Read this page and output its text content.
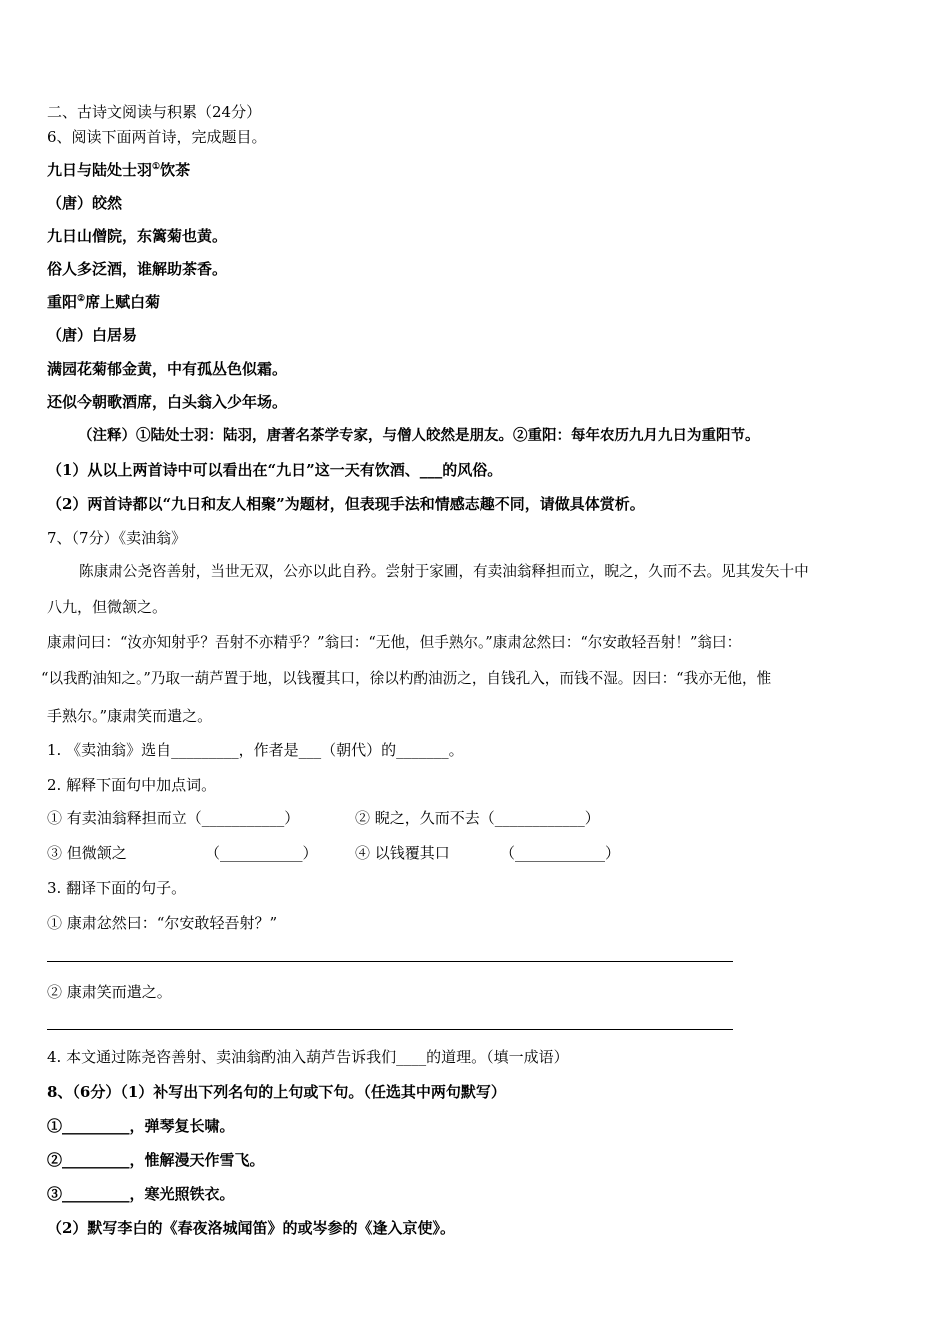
二、古诗文阅读与积累（24分）
6、阅读下面两首诗，完成题目。
九日与陆处士羽①饮茶
（唐）皎然
九日山僧院，东篱菊也黄。
俗人多泛酒，谁解助茶香。
重阳②席上赋白菊
（唐）白居易
满园花菊郁金黄，中有孤丛色似霜。
还似今朝歌酒席，白头翁入少年场。
（注释）①陆处士羽：陆羽，唐著名茶学专家，与僧人皎然是朋友。②重阳：每年农历九月九日为重阳节。
（1）从以上两首诗中可以看出在“九日”这一天有饮酒、___的风俗。
（2）两首诗都以“九日和友人相聚”为题材，但表现手法和情感志趣不同，请做具体赏析。
7、（7分）《卖油翁》
陈康肃公尧咨善射，当世无双，公亦以此自矜。尝射于家圃，有卖油翁释担而立，睨之，久而不去。见其发矢十中
八九，但微颔之。
康肃问曰：“汝亦知射乎？吾射不亦精乎？”翁曰：“无他，但手熟尔。”康肃忿然曰：“尔安敢轻吾射！”翁曰：
“以我酌油知之。”乃取一葫芦置于地，以钱覆其口，徐以杓酌油沥之，自钱孔入，而钱不湿。因曰：“我亦无他，惟
手熟尔。”康肃笑而遣之。
1. 《卖油翁》选自_________，作者是___（朝代）的_______。
2. 解释下面句中加点词。
① 有卖油翁释担而立（___________）	② 睨之，久而不去（____________）
③ 但微颔之	（___________） ④ 以钱覆其口	（____________）
3. 翻译下面的句子。
① 康肃忿然曰：“尔安敢轻吾射？”
② 康肃笑而遣之。
4. 本文通过陈尧咨善射、卖油翁酌油入葫芦告诉我们____的道理。（填一成语）
8、（6分）（1）补写出下列名句的上句或下句。（任选其中两句默写）
①_________，弹琴复长啸。
②_________，惟解漫天作雪飞。
③_________，寒光照铁衣。
（2）默写李白的《春夜洛城闻笛》的或岑参的《逢入京使》。
